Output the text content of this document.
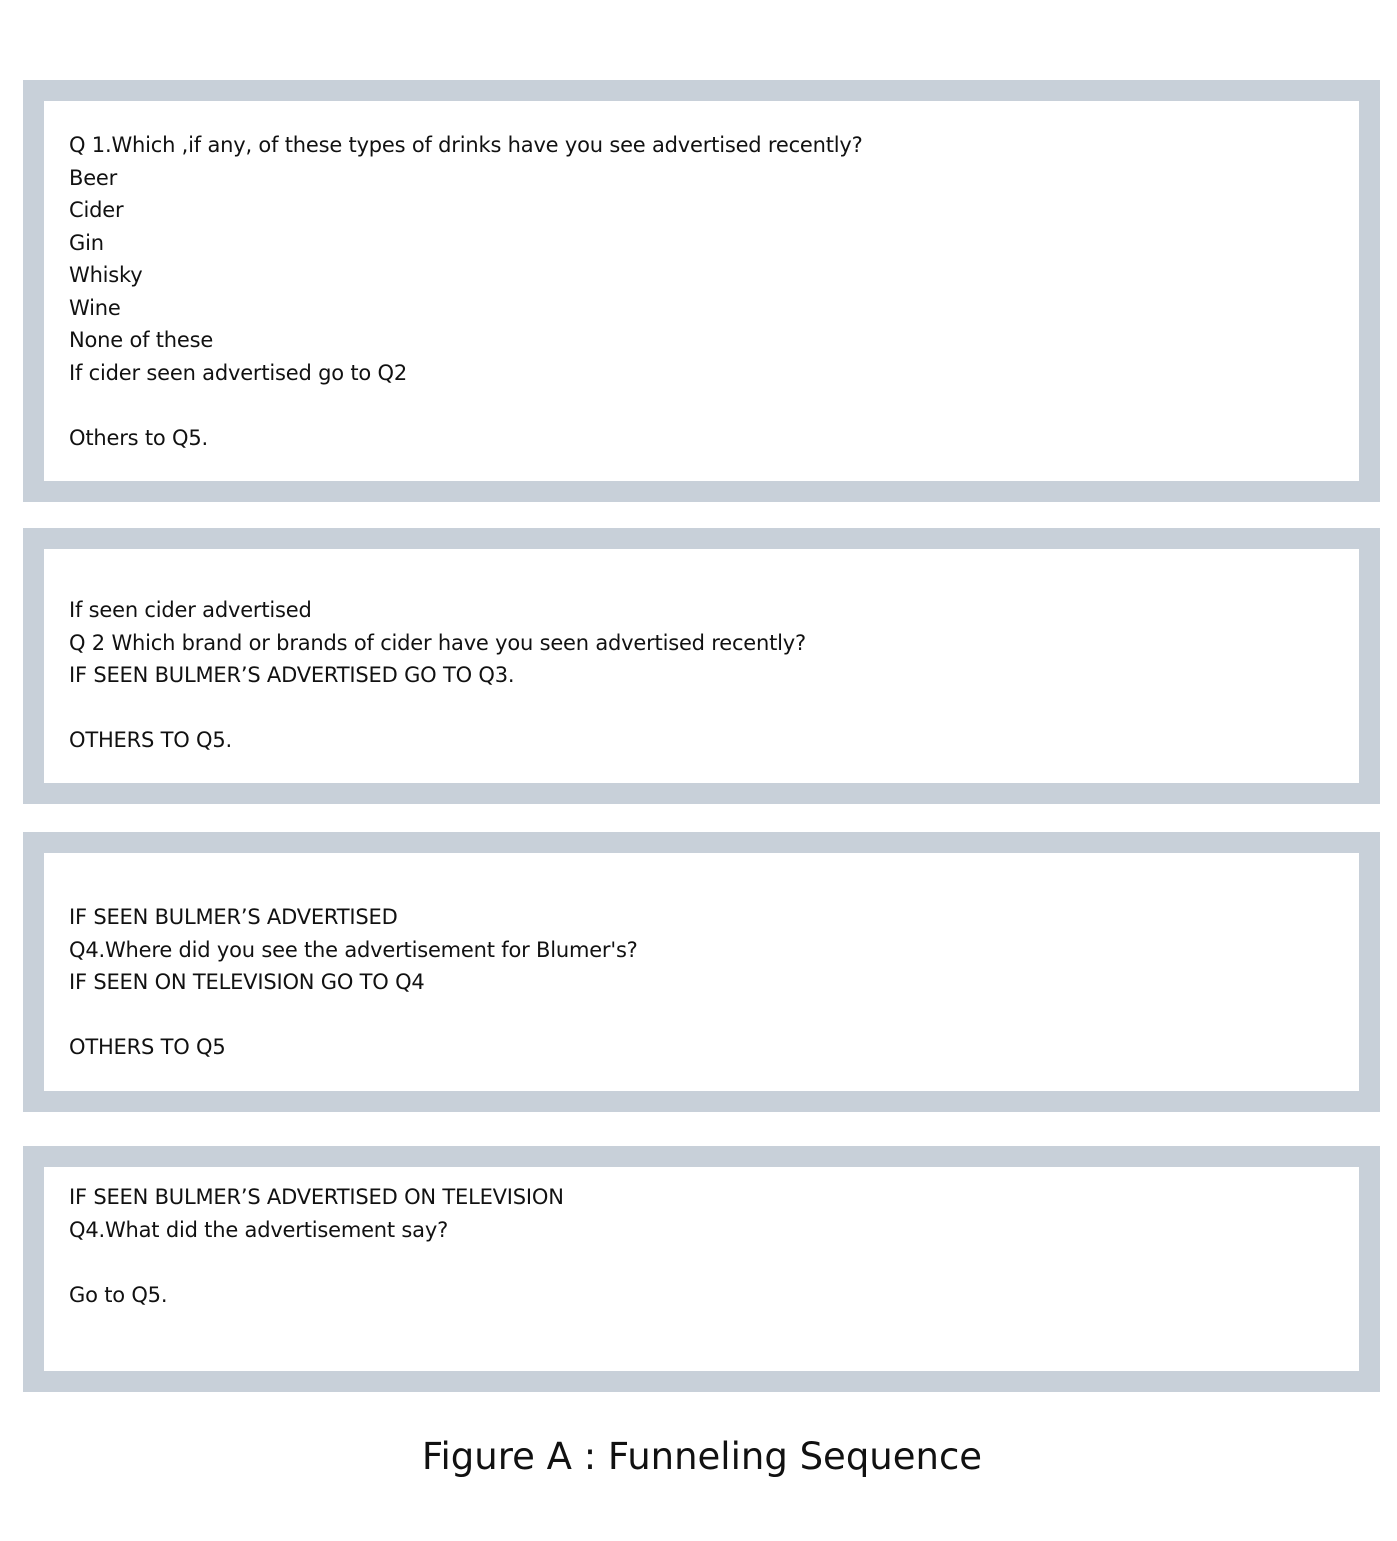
Q 1.Which ,if any, of these types of drinks have you see advertised recently?
Beer
Cider
Gin
Whisky
Wine
None of these
If cider seen advertised go to Q2
Others to Q5.
If seen cider advertised
Q 2 Which brand or brands of cider have you seen advertised recently?
IF SEEN BULMER’S ADVERTISED GO TO Q3.
OTHERS TO Q5.
IF SEEN BULMER’S ADVERTISED
Q4.Where did you see the advertisement for Blumer's?
IF SEEN ON TELEVISION GO TO Q4
OTHERS TO Q5
IF SEEN BULMER’S ADVERTISED ON TELEVISION
Q4.What did the advertisement say?
Go to Q5.
Figure A : Funneling Sequence
